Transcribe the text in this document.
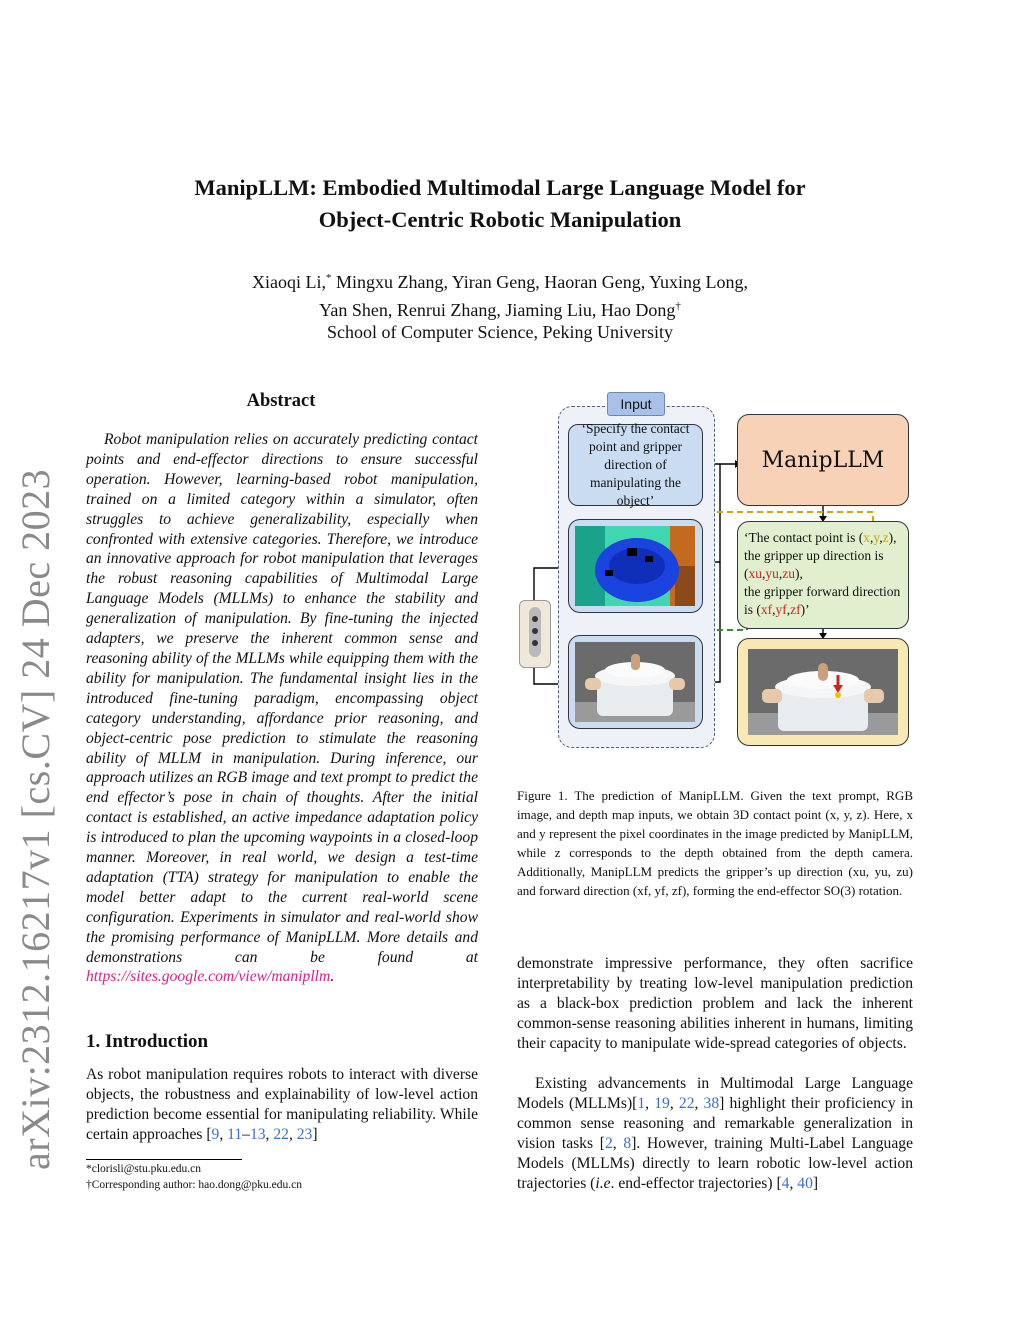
arXiv:2312.16217v1 [cs.CV] 24 Dec 2023
ManipLLM: Embodied Multimodal Large Language Model for
Object-Centric Robotic Manipulation
Xiaoqi Li,* Mingxu Zhang, Yiran Geng, Haoran Geng, Yuxing Long,
Yan Shen, Renrui Zhang, Jiaming Liu, Hao Dong†
School of Computer Science, Peking University
Abstract

Robot manipulation relies on accurately predicting contact points and end-effector directions to ensure successful operation. However, learning-based robot manipulation, trained on a limited category within a simulator, often struggles to achieve generalizability, especially when confronted with extensive categories. Therefore, we introduce an innovative approach for robot manipulation that leverages the robust reasoning capabilities of Multimodal Large Language Models (MLLMs) to enhance the stability and generalization of manipulation. By fine-tuning the injected adapters, we preserve the inherent common sense and reasoning ability of the MLLMs while equipping them with the ability for manipulation. The fundamental insight lies in the introduced fine-tuning paradigm, encompassing object category understanding, affordance prior reasoning, and object-centric pose prediction to stimulate the reasoning ability of MLLM in manipulation. During inference, our approach utilizes an RGB image and text prompt to predict the end effector’s pose in chain of thoughts. After the initial contact is established, an active impedance adaptation policy is introduced to plan the upcoming waypoints in a closed-loop manner. Moreover, in real world, we design a test-time adaptation (TTA) strategy for manipulation to enable the model better adapt to the current real-world scene configuration. Experiments in simulator and real-world show the promising performance of ManipLLM. More details and demonstrations can be found at https://sites.google.com/view/manipllm.

1. Introduction

As robot manipulation requires robots to interact with diverse objects, the robustness and explainability of low-level action prediction become essential for manipulating reliability. While certain approaches [9, 11–13, 22, 23]

*clorisli@stu.pku.edu.cn
†Corresponding author: hao.dong@pku.edu.cn
Input
‘Specify the contact point and gripper direction of manipulating the object’
ManipLLM
‘The contact point is (x,y,z),
the gripper up direction is
(xu,yu,zu),
the gripper forward direction is (xf,yf,zf)’

Figure 1. The prediction of ManipLLM. Given the text prompt, RGB image, and depth map inputs, we obtain 3D contact point (x, y, z). Here, x and y represent the pixel coordinates in the image predicted by ManipLLM, while z corresponds to the depth obtained from the depth camera. Additionally, ManipLLM predicts the gripper’s up direction (xu, yu, zu) and forward direction (xf, yf, zf), forming the end-effector SO(3) rotation.

demonstrate impressive performance, they often sacrifice interpretability by treating low-level manipulation prediction as a black-box prediction problem and lack the inherent common-sense reasoning abilities inherent in humans, limiting their capacity to manipulate wide-spread categories of objects.

Existing advancements in Multimodal Large Language Models (MLLMs)[1, 19, 22, 38] highlight their proficiency in common sense reasoning and remarkable generalization in vision tasks [2, 8]. However, training Multi-Label Language Models (MLLMs) directly to learn robotic low-level action trajectories (i.e. end-effector trajectories) [4, 40]
